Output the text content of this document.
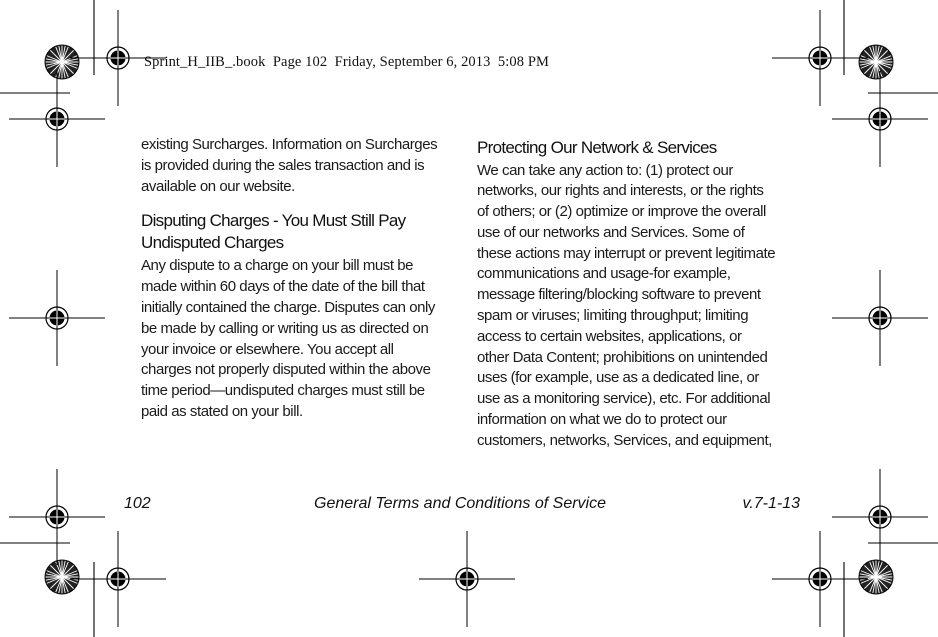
Sprint_H_IIB_.book  Page 102  Friday, September 6, 2013  5:08 PM

existing Surcharges. Information on Surcharges
is provided during the sales transaction and is
available on our website.

Disputing Charges - You Must Still Pay
Undisputed Charges

Any dispute to a charge on your bill must be
made within 60 days of the date of the bill that
initially contained the charge. Disputes can only
be made by calling or writing us as directed on
your invoice or elsewhere. You accept all
charges not properly disputed within the above
time period—undisputed charges must still be
paid as stated on your bill.

Protecting Our Network & Services

We can take any action to: (1) protect our
networks, our rights and interests, or the rights
of others; or (2) optimize or improve the overall
use of our networks and Services. Some of
these actions may interrupt or prevent legitimate
communications and usage-for example,
message filtering/blocking software to prevent
spam or viruses; limiting throughput; limiting
access to certain websites, applications, or
other Data Content; prohibitions on unintended
uses (for example, use as a dedicated line, or
use as a monitoring service), etc. For additional
information on what we do to protect our
customers, networks, Services, and equipment,

102	General Terms and Conditions of Service	v.7-1-13
